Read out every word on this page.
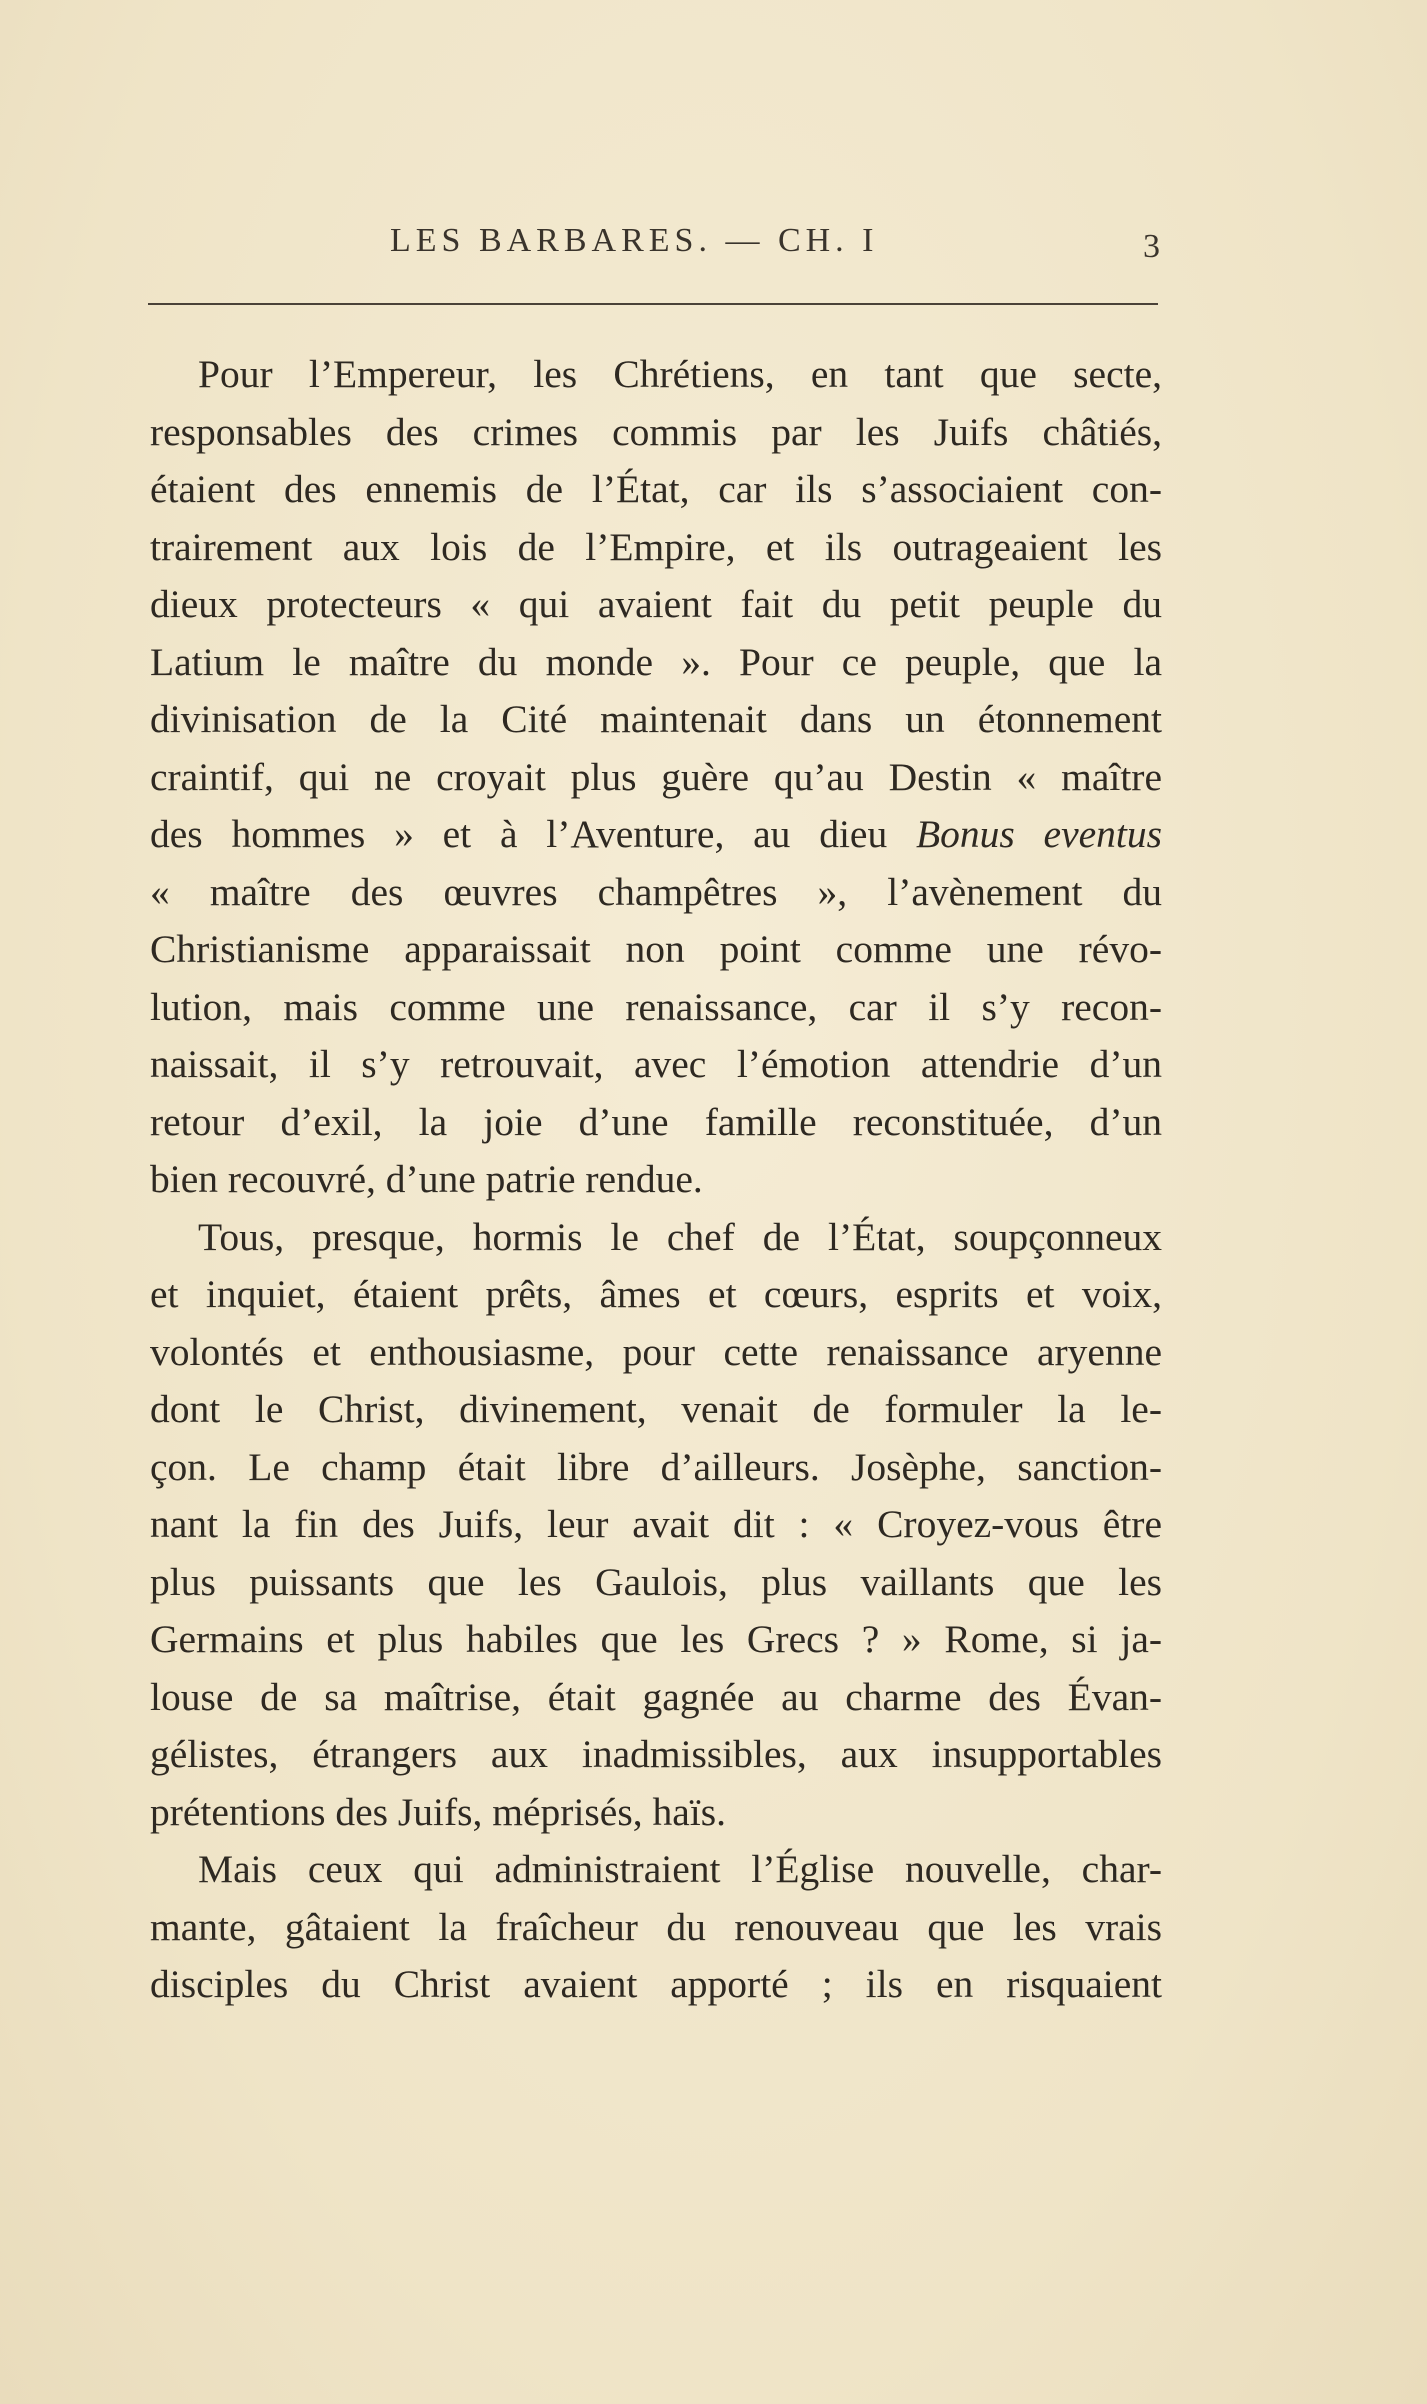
LES BARBARES. — CH. I	3
Pour l’Empereur, les Chrétiens, en tant que secte,
responsables des crimes commis par les Juifs châtiés,
étaient des ennemis de l’État, car ils s’associaient con-
trairement aux lois de l’Empire, et ils outrageaient les
dieux protecteurs « qui avaient fait du petit peuple du
Latium le maître du monde ». Pour ce peuple, que la
divinisation de la Cité maintenait dans un étonnement
craintif, qui ne croyait plus guère qu’au Destin « maître
des hommes » et à l’Aventure, au dieu Bonus eventus
« maître des œuvres champêtres », l’avènement du
Christianisme apparaissait non point comme une révo-
lution, mais comme une renaissance, car il s’y recon-
naissait, il s’y retrouvait, avec l’émotion attendrie d’un
retour d’exil, la joie d’une famille reconstituée, d’un
bien recouvré, d’une patrie rendue.
Tous, presque, hormis le chef de l’État, soupçonneux
et inquiet, étaient prêts, âmes et cœurs, esprits et voix,
volontés et enthousiasme, pour cette renaissance aryenne
dont le Christ, divinement, venait de formuler la le-
çon. Le champ était libre d’ailleurs. Josèphe, sanction-
nant la fin des Juifs, leur avait dit : « Croyez-vous être
plus puissants que les Gaulois, plus vaillants que les
Germains et plus habiles que les Grecs ? » Rome, si ja-
louse de sa maîtrise, était gagnée au charme des Évan-
gélistes, étrangers aux inadmissibles, aux insupportables
prétentions des Juifs, méprisés, haïs.
Mais ceux qui administraient l’Église nouvelle, char-
mante, gâtaient la fraîcheur du renouveau que les vrais
disciples du Christ avaient apporté ; ils en risquaient
